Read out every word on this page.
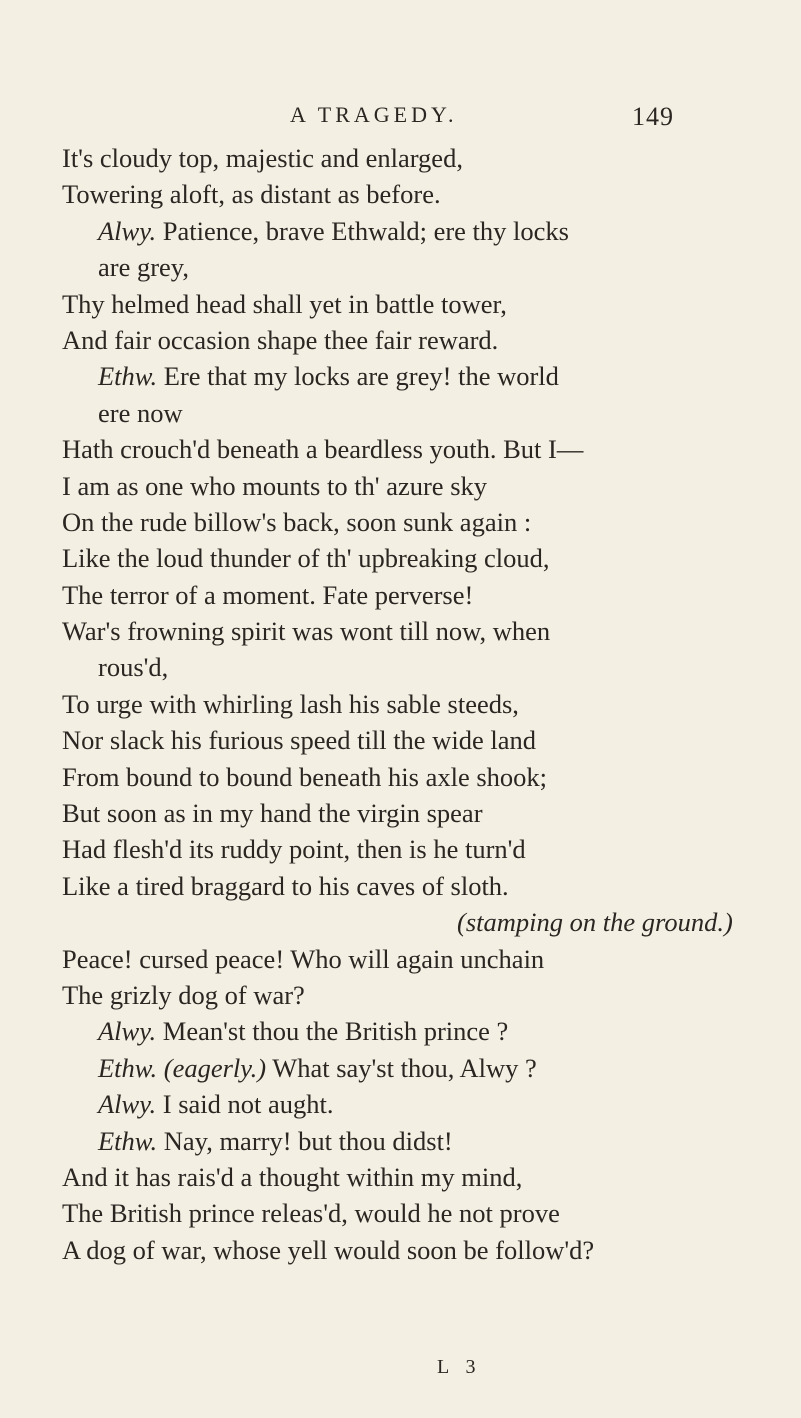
A TRAGEDY.	149
It's cloudy top, majestic and enlarged,
Towering aloft, as distant as before.
Alwy. Patience, brave Ethwald; ere thy locks
are grey,
Thy helmed head shall yet in battle tower,
And fair occasion shape thee fair reward.
Ethw. Ere that my locks are grey! the world
ere now
Hath crouch'd beneath a beardless youth. But I—
I am as one who mounts to th' azure sky
On the rude billow's back, soon sunk again :
Like the loud thunder of th' upbreaking cloud,
The terror of a moment. Fate perverse!
War's frowning spirit was wont till now, when
rous'd,
To urge with whirling lash his sable steeds,
Nor slack his furious speed till the wide land
From bound to bound beneath his axle shook;
But soon as in my hand the virgin spear
Had flesh'd its ruddy point, then is he turn'd
Like a tired braggard to his caves of sloth.
(stamping on the ground.)
Peace! cursed peace! Who will again unchain
The grizly dog of war?
Alwy. Mean'st thou the British prince ?
Ethw. (eagerly.) What say'st thou, Alwy ?
Alwy. I said not aught.
Ethw. Nay, marry! but thou didst!
And it has rais'd a thought within my mind,
The British prince releas'd, would he not prove
A dog of war, whose yell would soon be follow'd?
L 3
